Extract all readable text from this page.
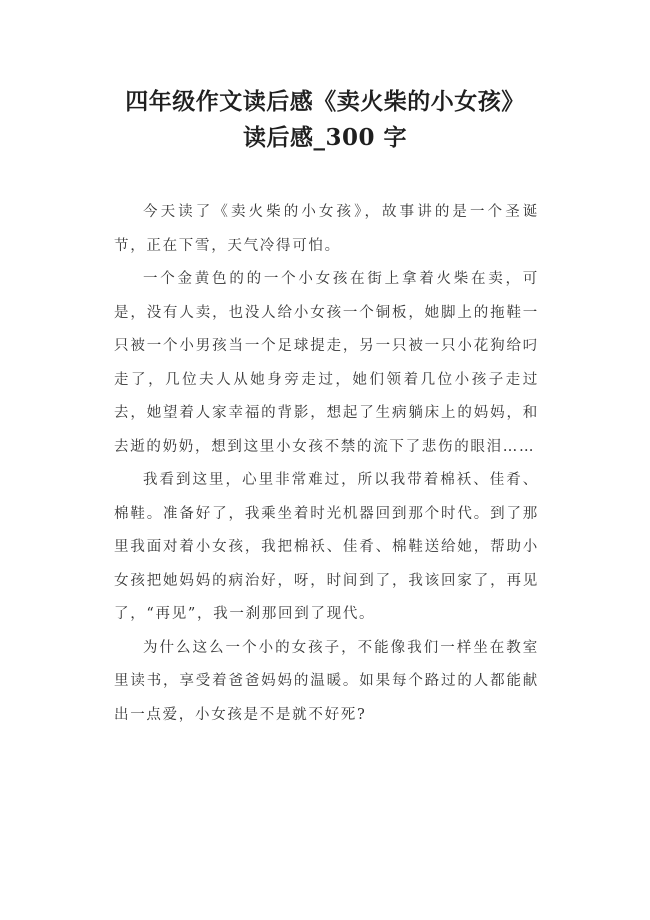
四年级作文读后感《卖火柴的小女孩》
读后感_300 字

今天读了《卖火柴的小女孩》，故事讲的是一个圣诞节，正在下雪，天气冷得可怕。

一个金黄色的的一个小女孩在街上拿着火柴在卖，可是，没有人卖，也没人给小女孩一个铜板，她脚上的拖鞋一只被一个小男孩当一个足球提走，另一只被一只小花狗给叼走了，几位夫人从她身旁走过，她们领着几位小孩子走过去，她望着人家幸福的背影，想起了生病躺床上的妈妈，和去逝的奶奶，想到这里小女孩不禁的流下了悲伤的眼泪……

我看到这里，心里非常难过，所以我带着棉袄、佳肴、棉鞋。准备好了，我乘坐着时光机器回到那个时代。到了那里我面对着小女孩，我把棉袄、佳肴、棉鞋送给她，帮助小女孩把她妈妈的病治好，呀，时间到了，我该回家了，再见了，“再见”，我一刹那回到了现代。

为什么这么一个小的女孩子，不能像我们一样坐在教室里读书，享受着爸爸妈妈的温暖。如果每个路过的人都能献出一点爱，小女孩是不是就不好死?
